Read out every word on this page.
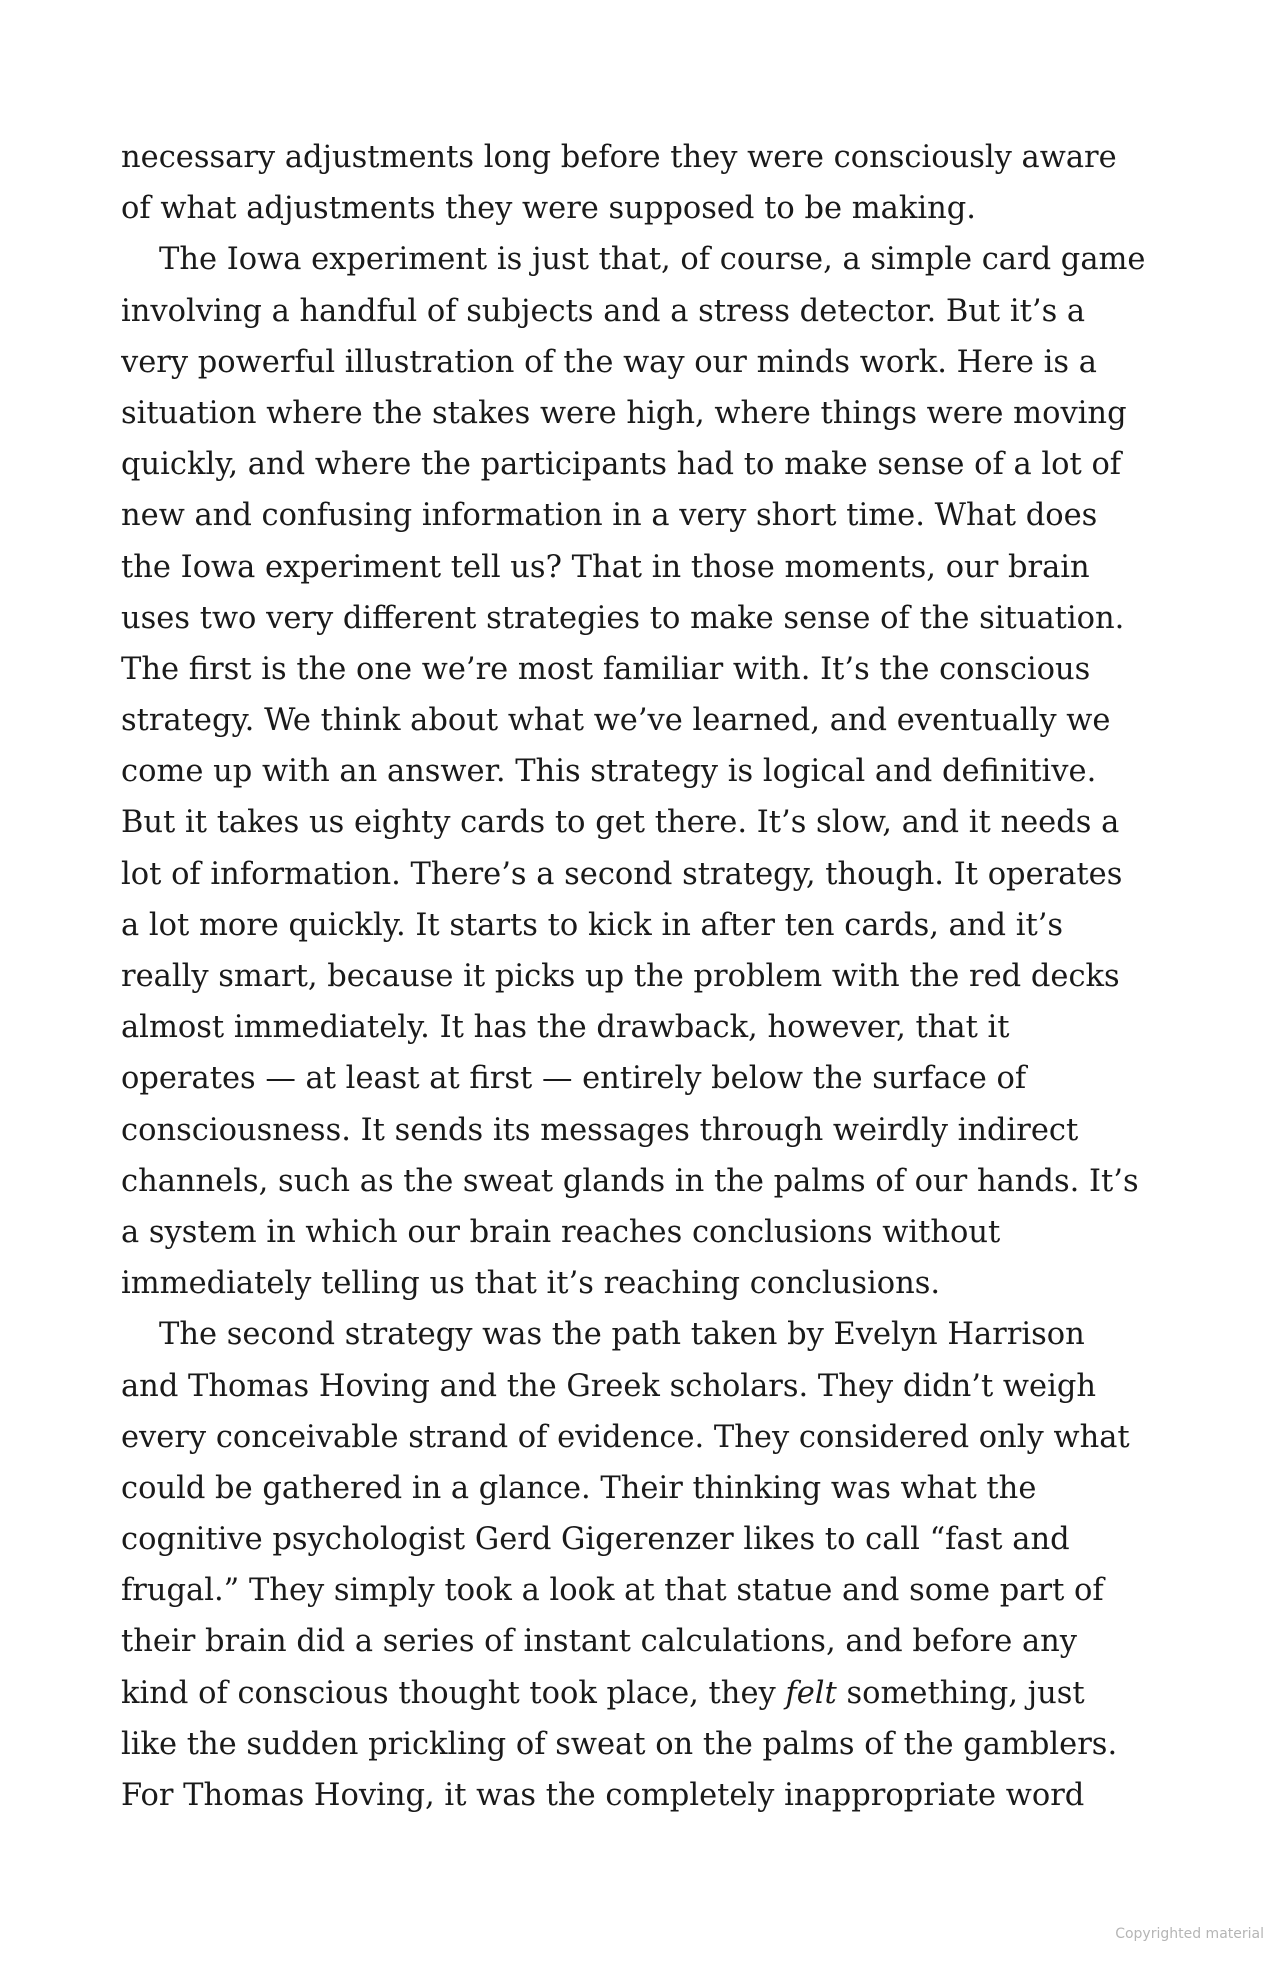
necessary adjustments long before they were consciously aware
of what adjustments they were supposed to be making.
The Iowa experiment is just that, of course, a simple card game
involving a handful of subjects and a stress detector. But it’s a
very powerful illustration of the way our minds work. Here is a
situation where the stakes were high, where things were moving
quickly, and where the participants had to make sense of a lot of
new and confusing information in a very short time. What does
the Iowa experiment tell us? That in those moments, our brain
uses two very different strategies to make sense of the situation.
The first is the one we’re most familiar with. It’s the conscious
strategy. We think about what we’ve learned, and eventually we
come up with an answer. This strategy is logical and definitive.
But it takes us eighty cards to get there. It’s slow, and it needs a
lot of information. There’s a second strategy, though. It operates
a lot more quickly. It starts to kick in after ten cards, and it’s
really smart, because it picks up the problem with the red decks
almost immediately. It has the drawback, however, that it
operates — at least at first — entirely below the surface of
consciousness. It sends its messages through weirdly indirect
channels, such as the sweat glands in the palms of our hands. It’s
a system in which our brain reaches conclusions without
immediately telling us that it’s reaching conclusions.
The second strategy was the path taken by Evelyn Harrison
and Thomas Hoving and the Greek scholars. They didn’t weigh
every conceivable strand of evidence. They considered only what
could be gathered in a glance. Their thinking was what the
cognitive psychologist Gerd Gigerenzer likes to call “fast and
frugal.” They simply took a look at that statue and some part of
their brain did a series of instant calculations, and before any
kind of conscious thought took place, they felt something, just
like the sudden prickling of sweat on the palms of the gamblers.
For Thomas Hoving, it was the completely inappropriate word
Copyrighted material
